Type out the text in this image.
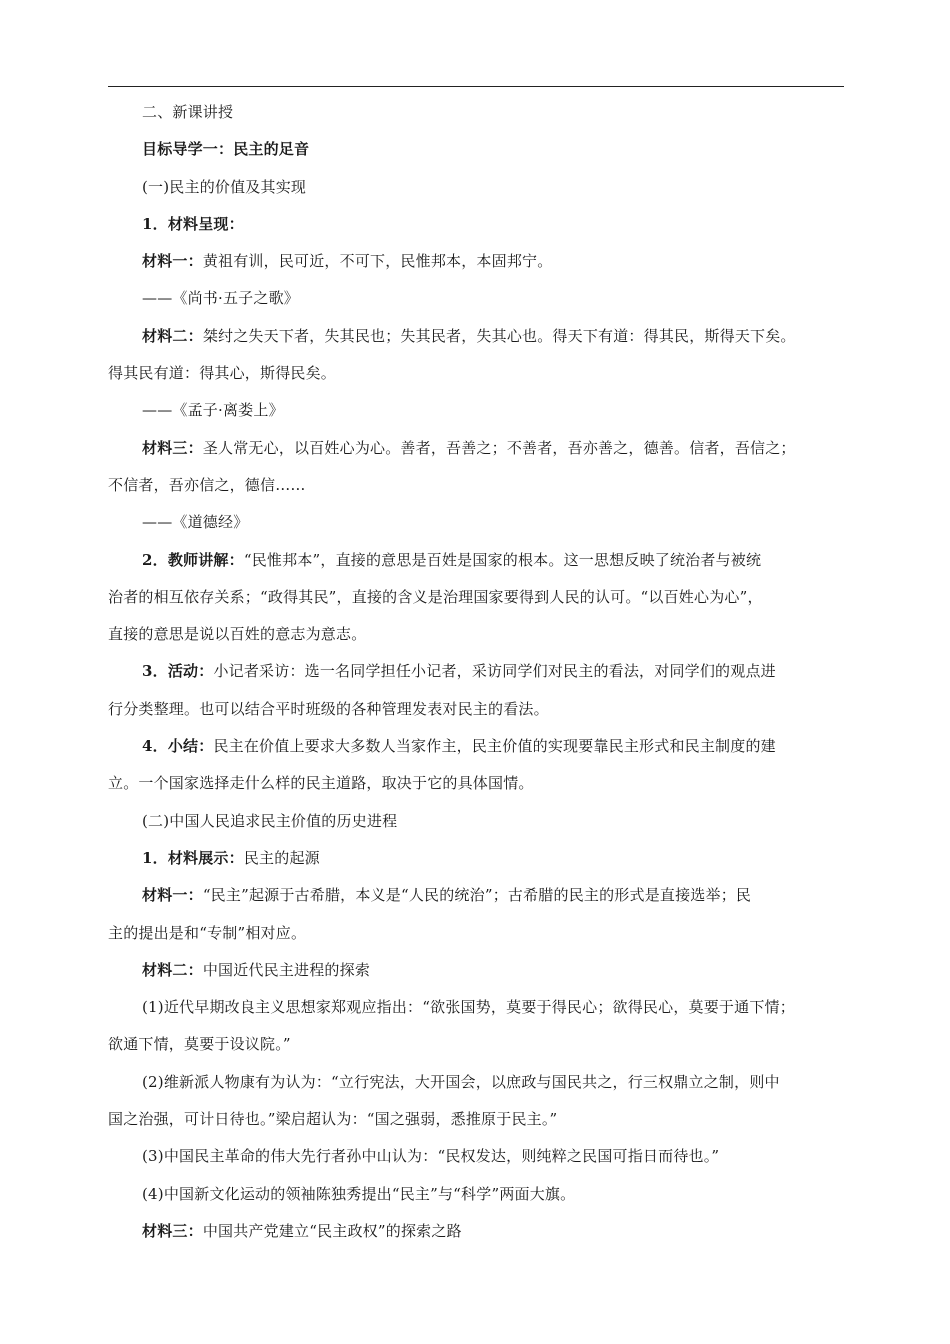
二、新课讲授

目标导学一：民主的足音

(一)民主的价值及其实现

1．材料呈现：

材料一：黄祖有训，民可近，不可下，民惟邦本，本固邦宁。

——《尚书·五子之歌》

材料二：桀纣之失天下者，失其民也；失其民者，失其心也。得天下有道：得其民，斯得天下矣。

得其民有道：得其心，斯得民矣。

——《孟子·离娄上》

材料三：圣人常无心，以百姓心为心。善者，吾善之；不善者，吾亦善之，德善。信者，吾信之；

不信者，吾亦信之，德信……

——《道德经》

2．教师讲解：“民惟邦本”，直接的意思是百姓是国家的根本。这一思想反映了统治者与被统

治者的相互依存关系；“政得其民”，直接的含义是治理国家要得到人民的认可。“以百姓心为心”，

直接的意思是说以百姓的意志为意志。

3．活动：小记者采访：选一名同学担任小记者，采访同学们对民主的看法，对同学们的观点进

行分类整理。也可以结合平时班级的各种管理发表对民主的看法。

4．小结：民主在价值上要求大多数人当家作主，民主价值的实现要靠民主形式和民主制度的建

立。一个国家选择走什么样的民主道路，取决于它的具体国情。

(二)中国人民追求民主价值的历史进程

1．材料展示：民主的起源

材料一：“民主”起源于古希腊，本义是“人民的统治”；古希腊的民主的形式是直接选举；民

主的提出是和“专制”相对应。

材料二：中国近代民主进程的探索

(1)近代早期改良主义思想家郑观应指出：“欲张国势，莫要于得民心；欲得民心，莫要于通下情；

欲通下情，莫要于设议院。”

(2)维新派人物康有为认为：“立行宪法，大开国会，以庶政与国民共之，行三权鼎立之制，则中

国之治强，可计日待也。”梁启超认为：“国之强弱，悉推原于民主。”

(3)中国民主革命的伟大先行者孙中山认为：“民权发达，则纯粹之民国可指日而待也。”

(4)中国新文化运动的领袖陈独秀提出“民主”与“科学”两面大旗。

材料三：中国共产党建立“民主政权”的探索之路
